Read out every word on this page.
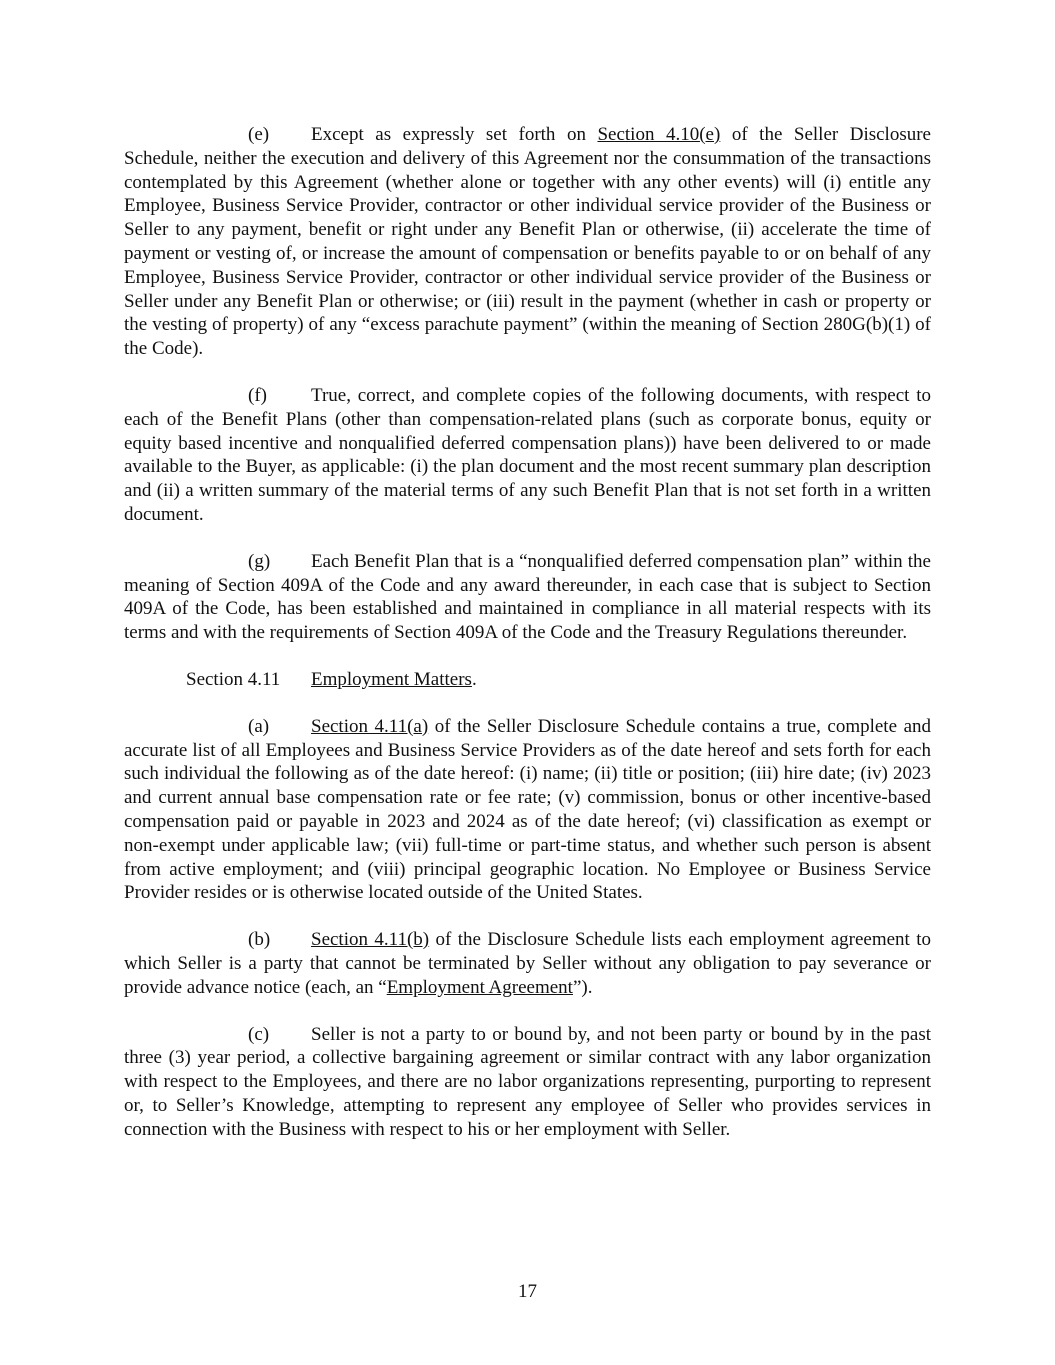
(e) Except as expressly set forth on Section 4.10(e) of the Seller Disclosure Schedule, neither the execution and delivery of this Agreement nor the consummation of the transactions contemplated by this Agreement (whether alone or together with any other events) will (i) entitle any Employee, Business Service Provider, contractor or other individual service provider of the Business or Seller to any payment, benefit or right under any Benefit Plan or otherwise, (ii) accelerate the time of payment or vesting of, or increase the amount of compensation or benefits payable to or on behalf of any Employee, Business Service Provider, contractor or other individual service provider of the Business or Seller under any Benefit Plan or otherwise; or (iii) result in the payment (whether in cash or property or the vesting of property) of any “excess parachute payment” (within the meaning of Section 280G(b)(1) of the Code).

(f) True, correct, and complete copies of the following documents, with respect to each of the Benefit Plans (other than compensation-related plans (such as corporate bonus, equity or equity based incentive and nonqualified deferred compensation plans)) have been delivered to or made available to the Buyer, as applicable: (i) the plan document and the most recent summary plan description and (ii) a written summary of the material terms of any such Benefit Plan that is not set forth in a written document.

(g) Each Benefit Plan that is a “nonqualified deferred compensation plan” within the meaning of Section 409A of the Code and any award thereunder, in each case that is subject to Section 409A of the Code, has been established and maintained in compliance in all material respects with its terms and with the requirements of Section 409A of the Code and the Treasury Regulations thereunder.

Section 4.11 Employment Matters.

(a) Section 4.11(a) of the Seller Disclosure Schedule contains a true, complete and accurate list of all Employees and Business Service Providers as of the date hereof and sets forth for each such individual the following as of the date hereof: (i) name; (ii) title or position; (iii) hire date; (iv) 2023 and current annual base compensation rate or fee rate; (v) commission, bonus or other incentive-based compensation paid or payable in 2023 and 2024 as of the date hereof; (vi) classification as exempt or non-exempt under applicable law; (vii) full-time or part-time status, and whether such person is absent from active employment; and (viii) principal geographic location. No Employee or Business Service Provider resides or is otherwise located outside of the United States.

(b) Section 4.11(b) of the Disclosure Schedule lists each employment agreement to which Seller is a party that cannot be terminated by Seller without any obligation to pay severance or provide advance notice (each, an “Employment Agreement”).

(c) Seller is not a party to or bound by, and not been party or bound by in the past three (3) year period, a collective bargaining agreement or similar contract with any labor organization with respect to the Employees, and there are no labor organizations representing, purporting to represent or, to Seller’s Knowledge, attempting to represent any employee of Seller who provides services in connection with the Business with respect to his or her employment with Seller.

17
